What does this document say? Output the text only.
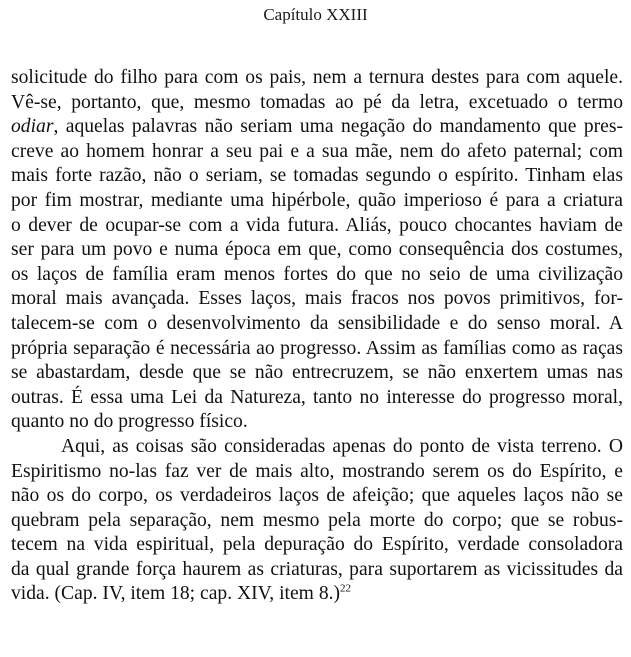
Capítulo XXIII
solicitude do filho para com os pais, nem a ternura destes para com aquele.
Vê-se, portanto, que, mesmo tomadas ao pé da letra, excetuado o termo
odiar, aquelas palavras não seriam uma negação do mandamento que pres-
creve ao homem honrar a seu pai e a sua mãe, nem do afeto paternal; com
mais forte razão, não o seriam, se tomadas segundo o espírito. Tinham elas
por fim mostrar, mediante uma hipérbole, quão imperioso é para a criatura
o dever de ocupar-se com a vida futura. Aliás, pouco chocantes haviam de
ser para um povo e numa época em que, como consequência dos costumes,
os laços de família eram menos fortes do que no seio de uma civilização
moral mais avançada. Esses laços, mais fracos nos povos primitivos, for-
talecem-se com o desenvolvimento da sensibilidade e do senso moral. A
própria separação é necessária ao progresso. Assim as famílias como as raças
se abastardam, desde que se não entrecruzem, se não enxertem umas nas
outras. É essa uma Lei da Natureza, tanto no interesse do progresso moral,
quanto no do progresso físico.
Aqui, as coisas são consideradas apenas do ponto de vista terreno. O
Espiritismo no-las faz ver de mais alto, mostrando serem os do Espírito, e
não os do corpo, os verdadeiros laços de afeição; que aqueles laços não se
quebram pela separação, nem mesmo pela morte do corpo; que se robus-
tecem na vida espiritual, pela depuração do Espírito, verdade consoladora
da qual grande força haurem as criaturas, para suportarem as vicissitudes da
vida. (Cap. IV, item 18; cap. XIV, item 8.)$^{22}$
